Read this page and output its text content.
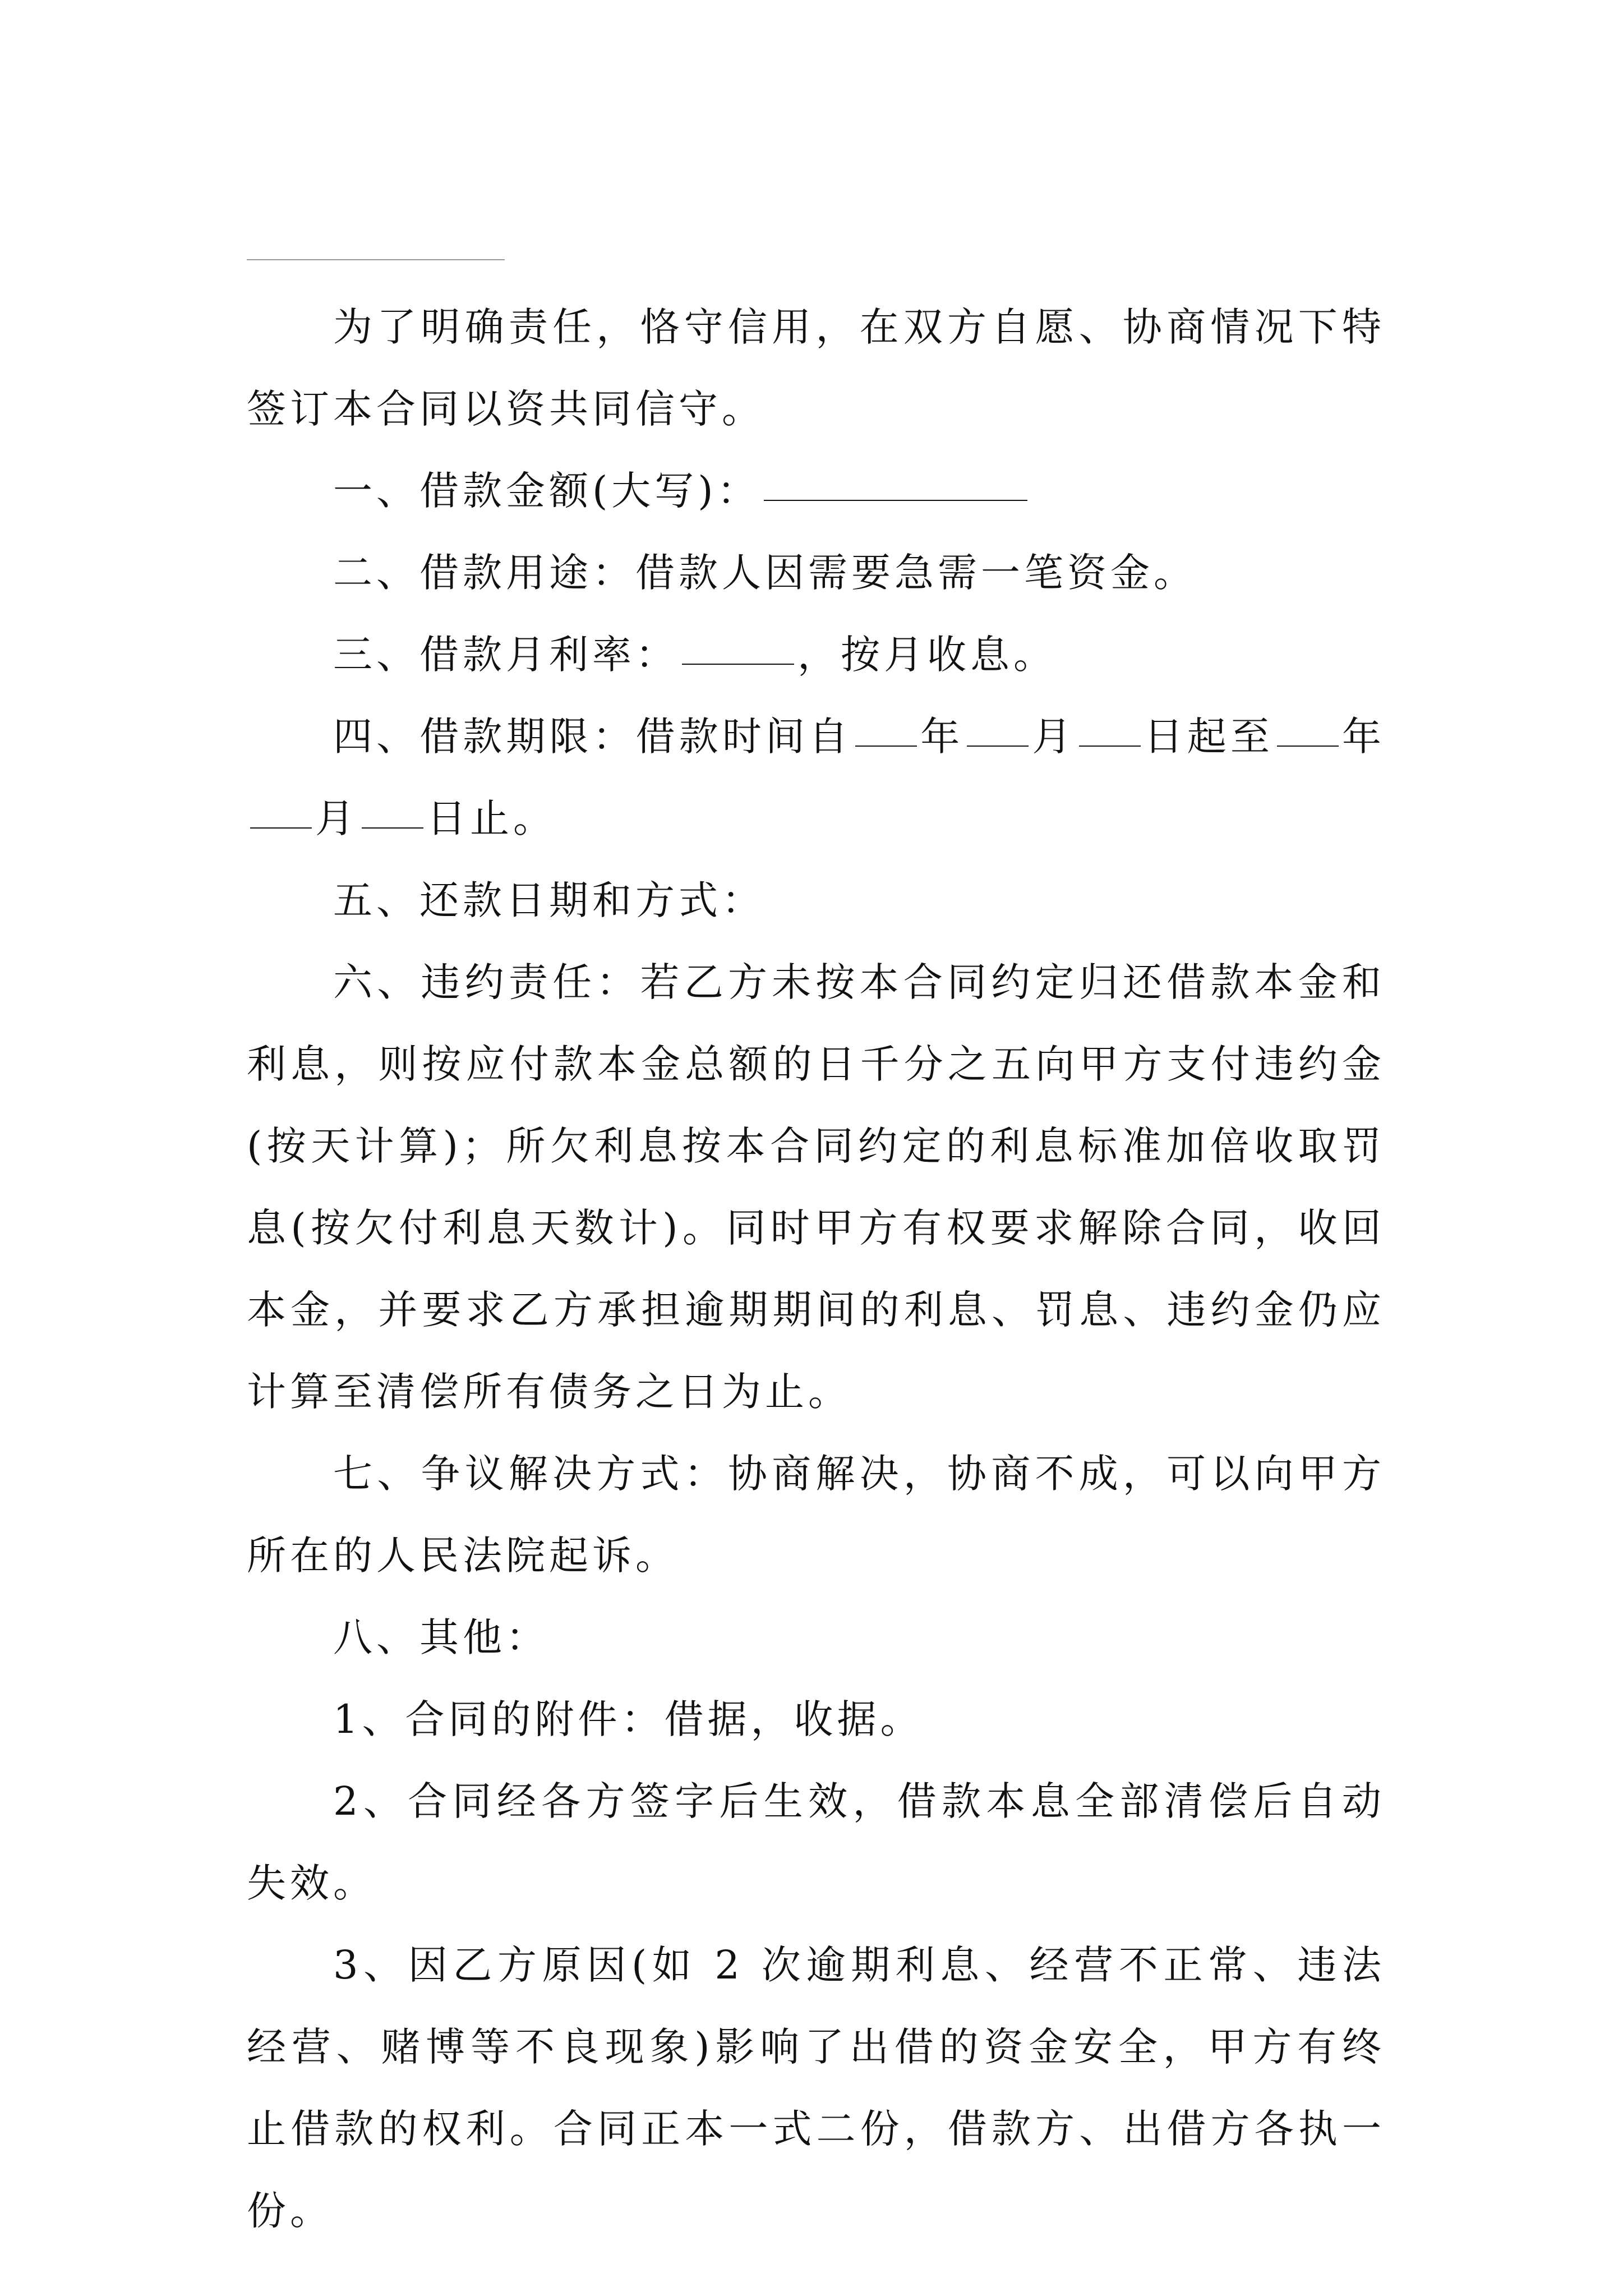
为了明确责任，恪守信用，在双方自愿、协商情况下特签订本合同以资共同信守。

一、借款金额(大写)：

二、借款用途：借款人因需要急需一笔资金。

三、借款月利率：	，按月收息。

四、借款期限：借款时间自 年 月 日起至 年月 日止。

五、还款日期和方式：

六、违约责任：若乙方未按本合同约定归还借款本金和利息，则按应付款本金总额的日千分之五向甲方支付违约金(按天计算)；所欠利息按本合同约定的利息标准加倍收取罚息(按欠付利息天数计)。同时甲方有权要求解除合同，收回本金，并要求乙方承担逾期期间的利息、罚息、违约金仍应计算至清偿所有债务之日为止。

七、争议解决方式：协商解决，协商不成，可以向甲方所在的人民法院起诉。

八、其他：

1、合同的附件：借据，收据。

2、合同经各方签字后生效，借款本息全部清偿后自动失效。

3、因乙方原因(如 2 次逾期利息、经营不正常、违法经营、赌博等不良现象)影响了出借的资金安全，甲方有终止借款的权利。合同正本一式二份，借款方、出借方各执一份。
